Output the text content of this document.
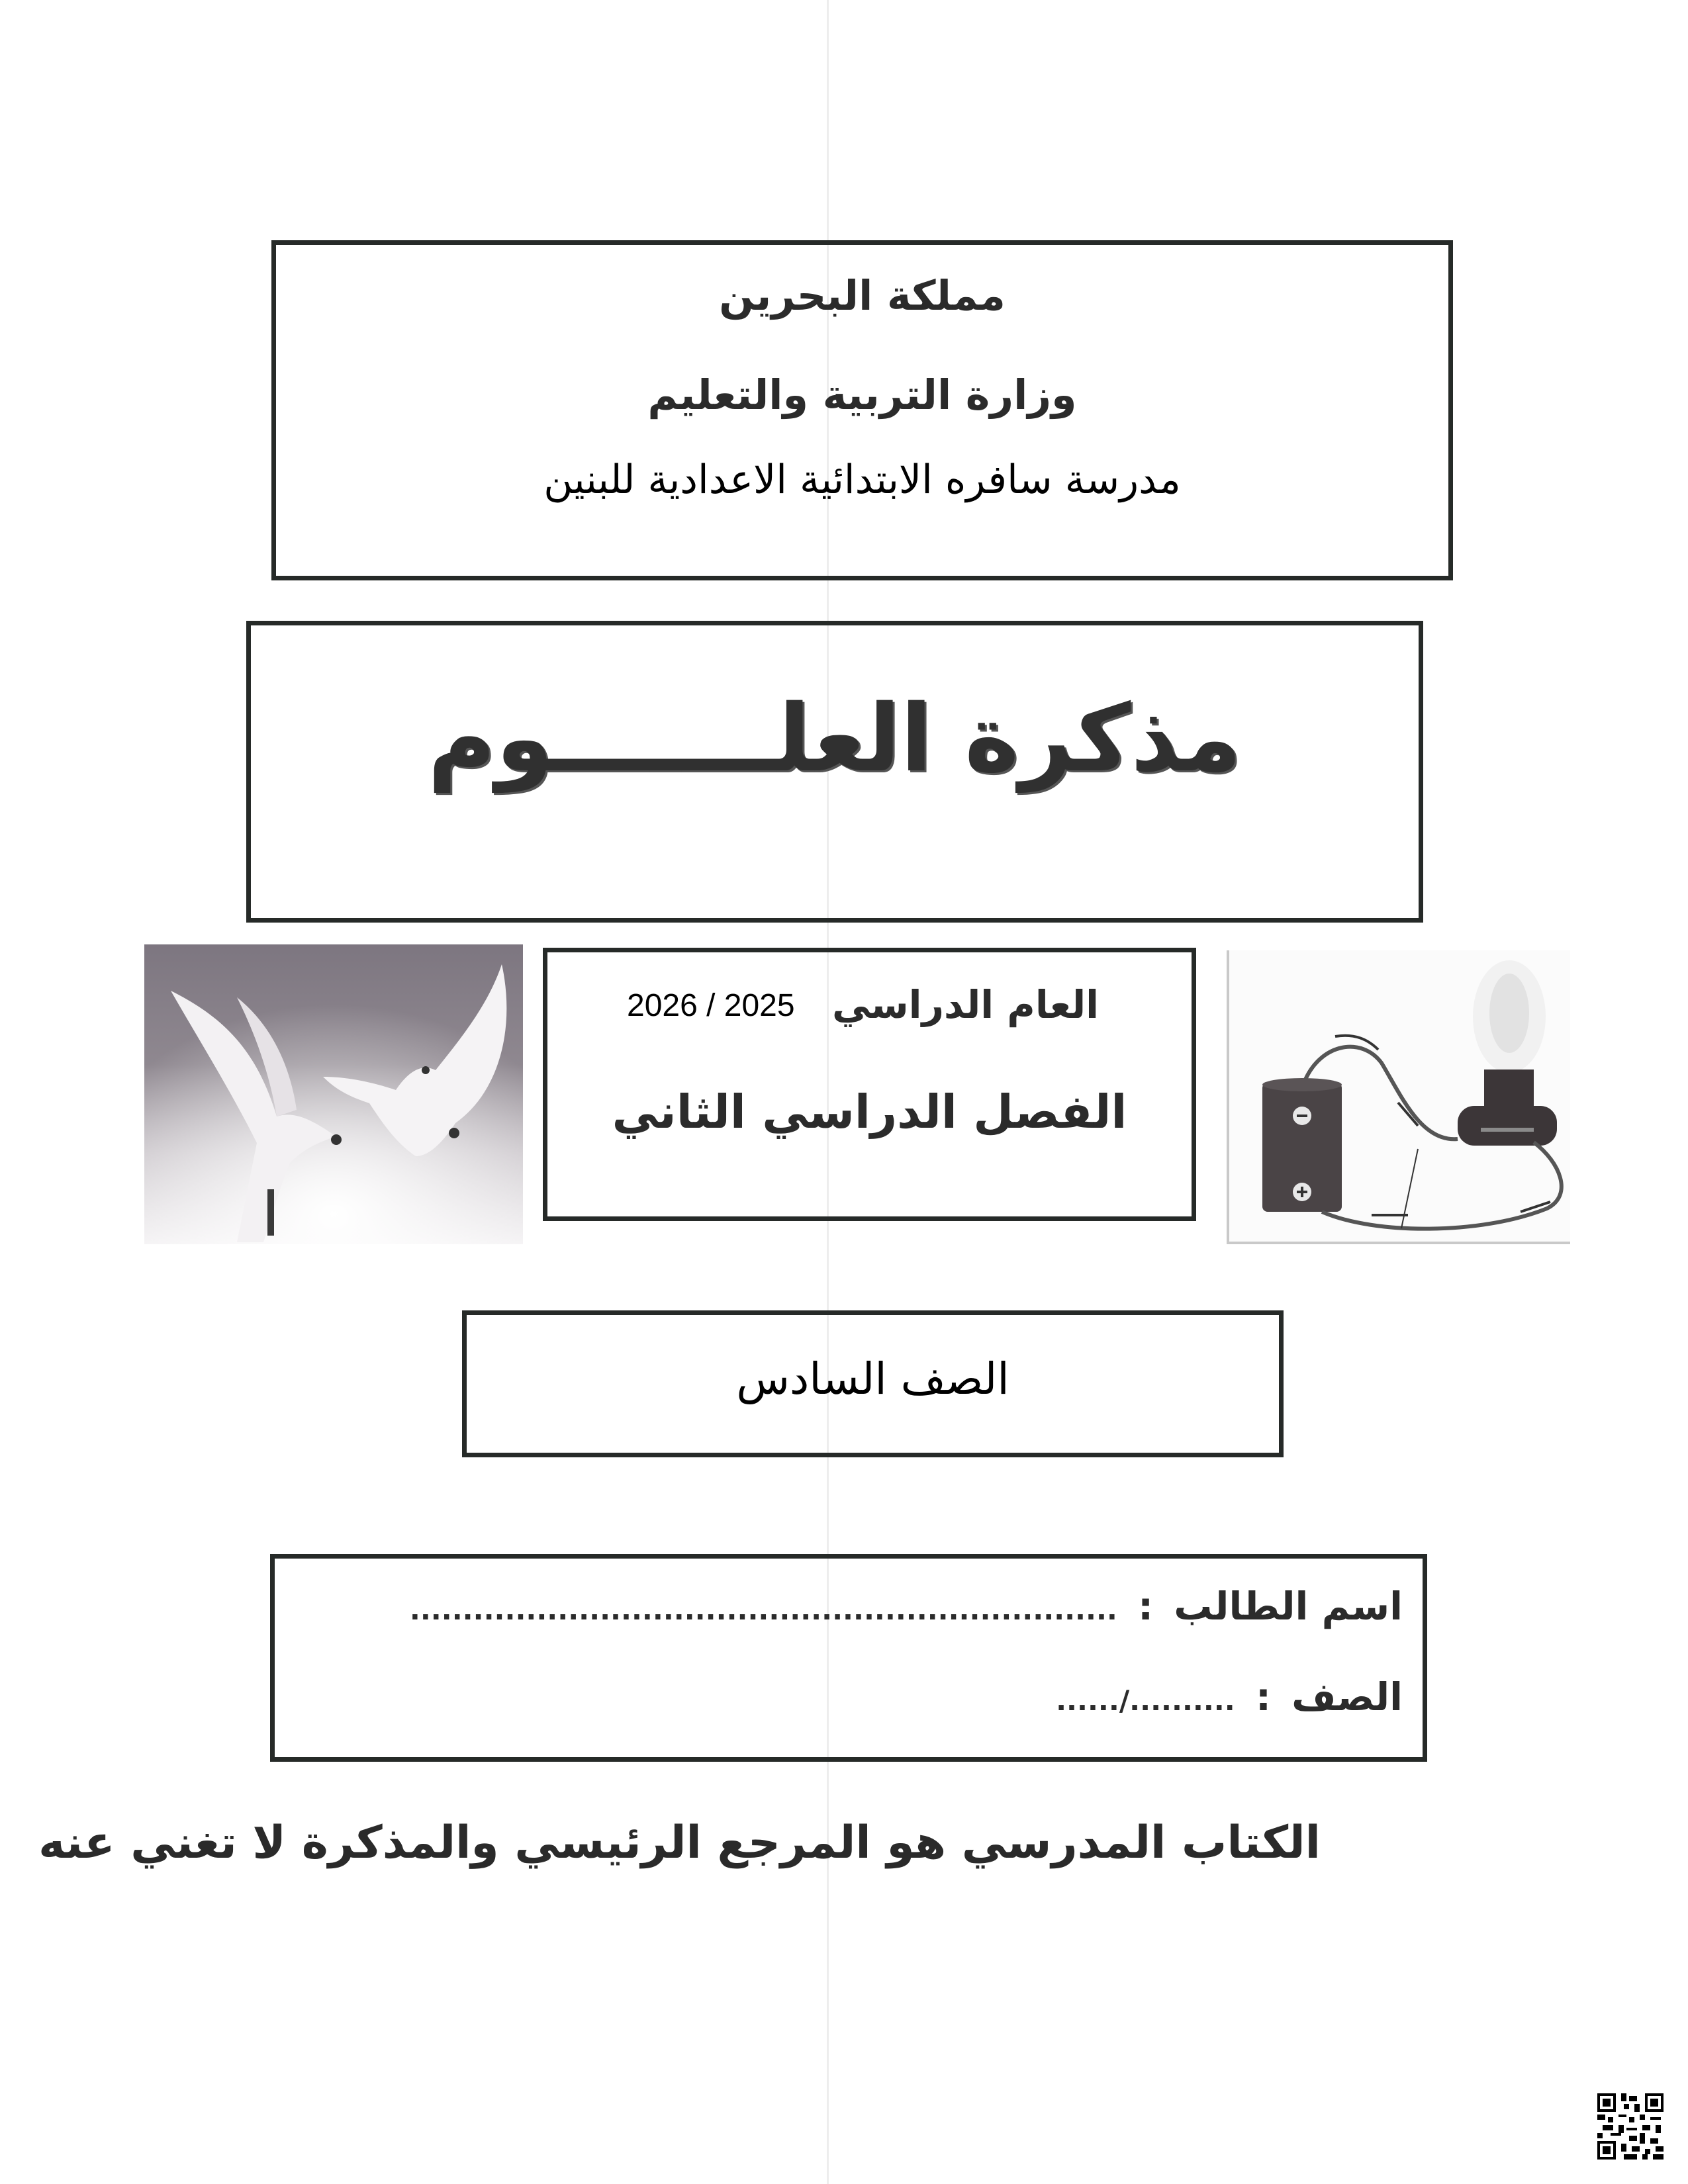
مملكة البحرين
وزارة التربية والتعليم
مدرسة سافره الابتدائية الاعدادية للبنين
مذكرة العلـــــــوم
العام الدراسي
2026 / 2025
الفصل الدراسي الثاني
الصف السادس
اسم الطالب : ...................................................................
الصف : ....../..........
الكتاب المدرسي هو المرجع الرئيسي والمذكرة لا تغني عنه
